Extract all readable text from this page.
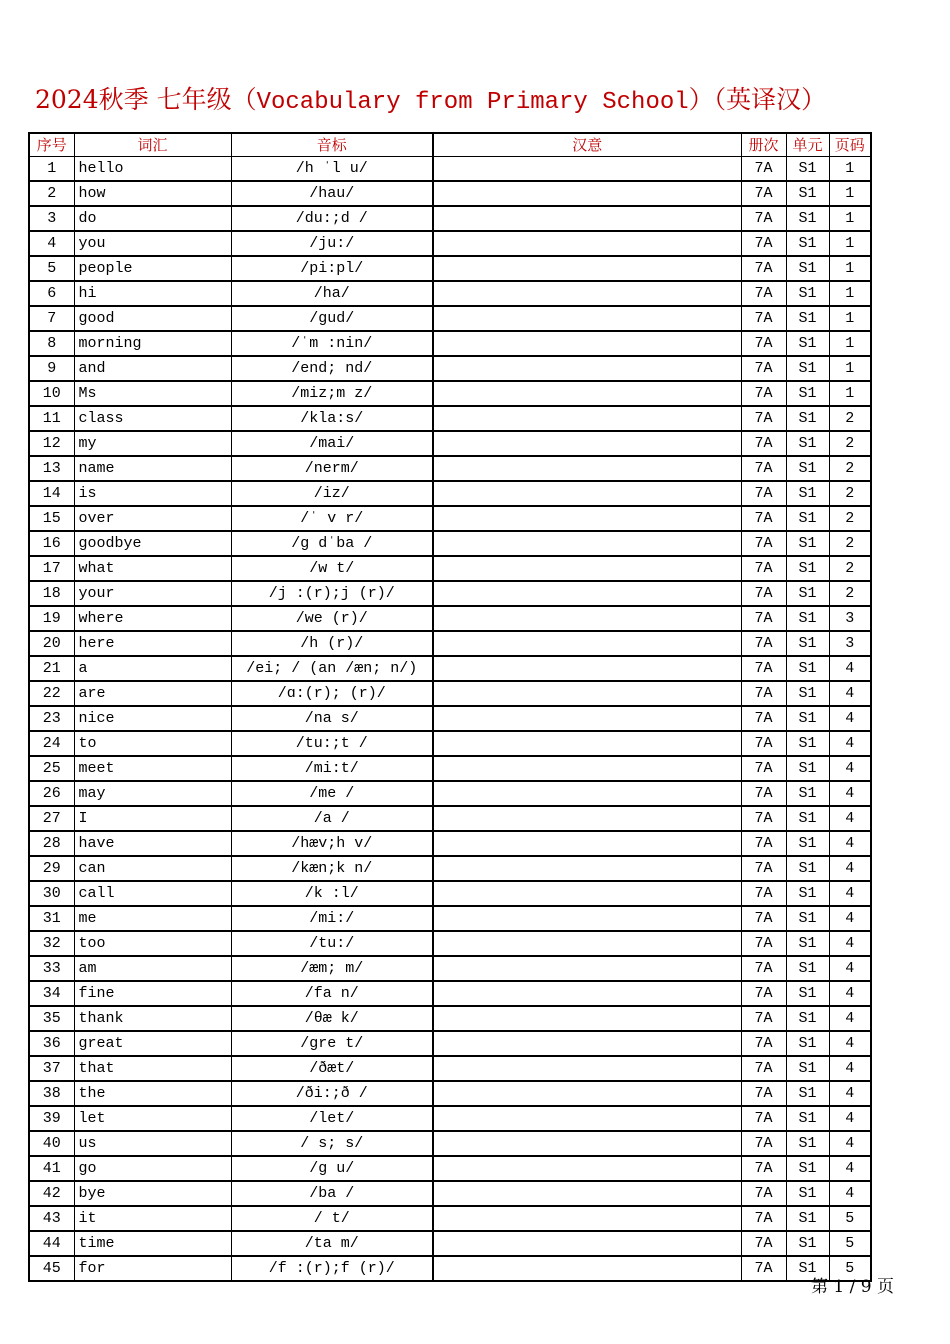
2024秋季 七年级（Vocabulary from Primary School）（英译汉）
序号	词汇	音标	汉意	册次	单元	页码
1	hello	/h ˈl u/		7A	S1	1
2	how	/hau/		7A	S1	1
3	do	/du:;d /		7A	S1	1
4	you	/ju:/		7A	S1	1
5	people	/pi:pl/		7A	S1	1
6	hi	/ha/		7A	S1	1
7	good	/gud/		7A	S1	1
8	morning	/ˈm :nin/		7A	S1	1
9	and	/end; nd/		7A	S1	1
10	Ms	/miz;m z/		7A	S1	1
11	class	/kla:s/		7A	S1	2
12	my	/mai/		7A	S1	2
13	name	/nerm/		7A	S1	2
14	is	/iz/		7A	S1	2
15	over	/ˈ v r/		7A	S1	2
16	goodbye	/g dˈba /		7A	S1	2
17	what	/w t/		7A	S1	2
18	your	/j :(r);j (r)/		7A	S1	2
19	where	/we (r)/		7A	S1	3
20	here	/h (r)/		7A	S1	3
21	a	/ei; / (an /æn; n/)		7A	S1	4
22	are	/ɑ:(r); (r)/		7A	S1	4
23	nice	/na s/		7A	S1	4
24	to	/tu:;t /		7A	S1	4
25	meet	/mi:t/		7A	S1	4
26	may	/me /		7A	S1	4
27	I	/a /		7A	S1	4
28	have	/hæv;h v/		7A	S1	4
29	can	/kæn;k n/		7A	S1	4
30	call	/k :l/		7A	S1	4
31	me	/mi:/		7A	S1	4
32	too	/tu:/		7A	S1	4
33	am	/æm; m/		7A	S1	4
34	fine	/fa n/		7A	S1	4
35	thank	/θæ k/		7A	S1	4
36	great	/gre t/		7A	S1	4
37	that	/ðæt/		7A	S1	4
38	the	/ði:;ð /		7A	S1	4
39	let	/let/		7A	S1	4
40	us	/ s; s/		7A	S1	4
41	go	/g u/		7A	S1	4
42	bye	/ba /		7A	S1	4
43	it	/ t/		7A	S1	5
44	time	/ta m/		7A	S1	5
45	for	/f :(r);f (r)/		7A	S1	5
第 1 / 9 页
